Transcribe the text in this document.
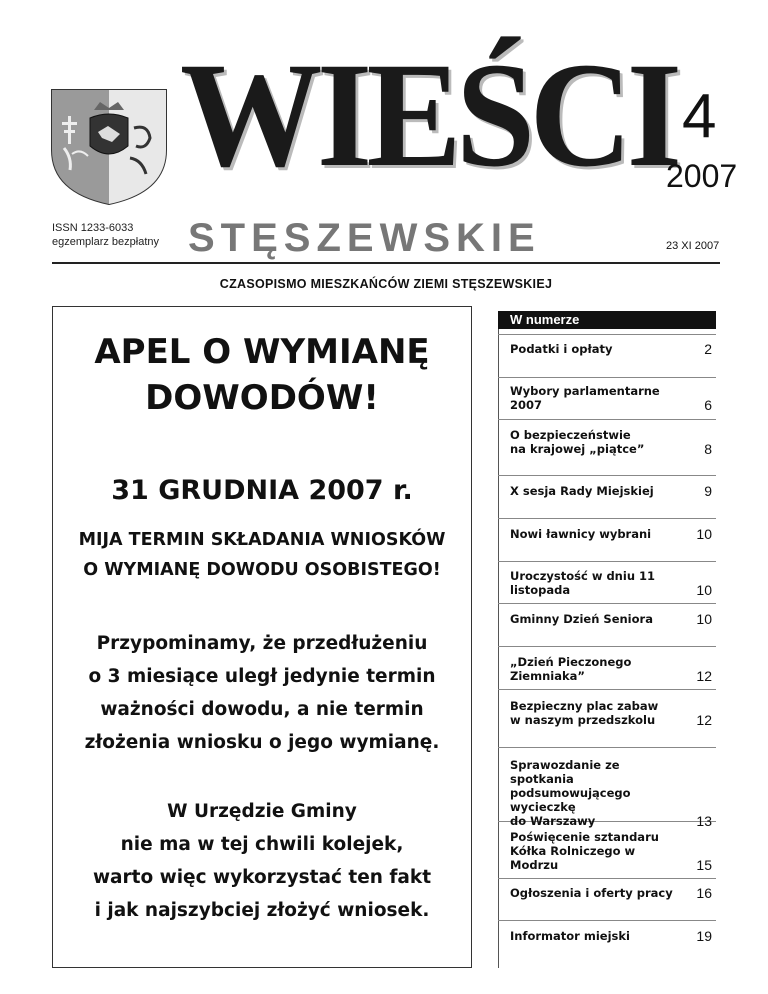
ISSN 1233-6033
egzemplarz bezpłatny
WIEŚCI 4
2007
STĘSZEWSKIE	23 XI 2007
CZASOPISMO MIESZKAŃCÓW ZIEMI STĘSZEWSKIEJ
APEL O WYMIANĘ
DOWODÓW!
31 GRUDNIA 2007 r.
MIJA TERMIN SKŁADANIA WNIOSKÓW
O WYMIANĘ DOWODU OSOBISTEGO!
Przypominamy, że przedłużeniu
o 3 miesiące uległ jedynie termin
ważności dowodu, a nie termin
złożenia wniosku o jego wymianę.
W Urzędzie Gminy
nie ma w tej chwili kolejek,
warto więc wykorzystać ten fakt
i jak najszybciej złożyć wniosek.
W numerze
Podatki i opłaty	2
Wybory parlamentarne 2007	6
O bezpieczeństwie
na krajowej „piątce”	8
X sesja Rady Miejskiej	9
Nowi ławnicy wybrani	10
Uroczystość w dniu 11 listopada	10
Gminny Dzień Seniora	10
„Dzień Pieczonego Ziemniaka”	12
Bezpieczny plac zabaw
w naszym przedszkolu	12
Sprawozdanie ze spotkania
podsumowującego wycieczkę
do Warszawy	13
Poświęcenie sztandaru
Kółka Rolniczego w Modrzu	15
Ogłoszenia i oferty pracy	16
Informator miejski	19
